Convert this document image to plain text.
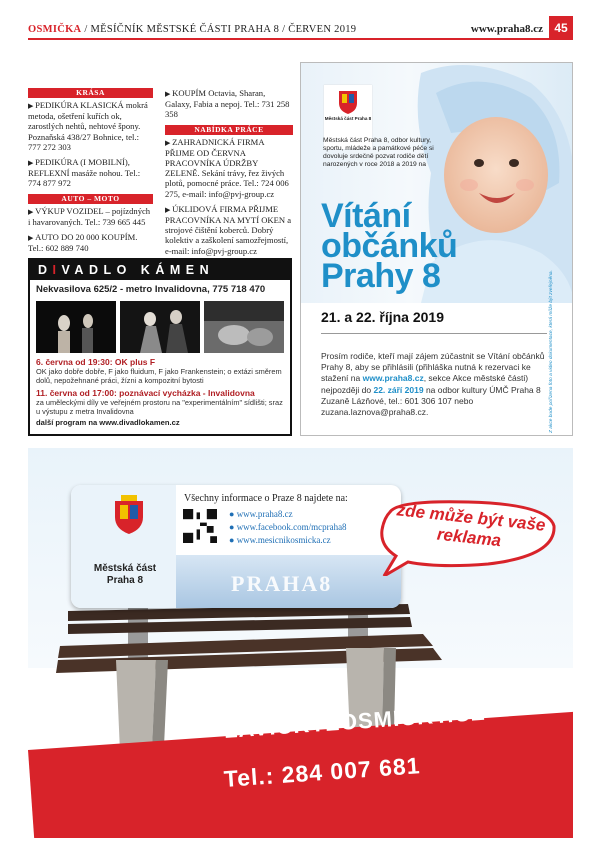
OSMIČKA / MĚSÍČNÍK MĚSTSKÉ ČÁSTI PRAHA 8 / ČERVEN 2019	www.praha8.cz 45
KRÁSA
▶ PEDIKÚRA KLASICKÁ mokrá metoda, ošetření kuřích ok, zarostlých nehtů, nehtové špony. Poznaňská 438/27 Bohnice, tel.: 777 272 303
▶ PEDIKÚRA (I MOBILNÍ), REFLEXNÍ masáže nohou. Tel.: 774 877 972
AUTO – MOTO
▶ VÝKUP VOZIDEL – pojízdných i havarovaných. Tel.: 739 665 445
▶ AUTO DO 20 000 KOUPÍM. Tel.: 602 889 740
▶ KOUPÍM Octavia, Sharan, Galaxy, Fabia a nepoj. Tel.: 731 258 358
NABÍDKA PRÁCE
▶ ZAHRADNICKÁ FIRMA PŘIJME OD ČERVNA PRACOVNÍKA ÚDRŽBY ZELENĚ. Sekání trávy, řez živých plotů, pomocné práce. Tel.: 724 006 275, e-mail: info@pvj-group.cz
▶ ÚKLIDOVÁ FIRMA PŘIJME PRACOVNÍKA NA MYTÍ OKEN a strojové čištění koberců. Dobrý kolektiv a zaškolení samozřejmostí, e-mail: info@pvj-group.cz
D I VADLO KÁMEN
Nekvasilova 625/2 - metro Invalidovna, 775 718 470
6. června od 19:30: OK plus F
OK jako dobře dobře, F jako fluidum, F jako Frankenstein; o extázi směrem dolů, nepožehnané práci, žízni a kompozitní bytosti
11. června od 17:00: poznávací vycházka - Invalidovna
za uměleckými díly ve veřejném prostoru na "experimentálním" sídlišti; sraz u výstupu z metra Invalidovna
další program na www.divadlokamen.cz
Městská část Praha 8
Městská část Praha 8, odbor kultury, sportu, mládeže a památkové péče si dovoluje srdečně pozvat rodiče dětí narozených v roce 2018 a 2019 na
Vítání
občánků
Prahy 8
21. a 22. října 2019
Prosím rodiče, kteří mají zájem zúčastnit se Vítání občánků Prahy 8, aby se přihlásili (přihláška nutná k rezervaci ke stažení na www.praha8.cz, sekce Akce městské části) nejpozději do 22. září 2019 na odbor kultury ÚMČ Praha 8 Zuzaně Lázňové, tel.: 601 306 107 nebo zuzana.laznova@praha8.cz.	Z akce bude pořízena foto a video dokumentace, která může být zveřejněna.
Městská část Praha 8
Všechny informace o Praze 8 najdete na:
● www.praha8.cz
● www.facebook.com/mcpraha8
● www.mesicnikosmicka.cz
PRAHA8
zde může být vaše reklama
LAVICKYZOSMICKY.CZ
Tel.: 284 007 681
